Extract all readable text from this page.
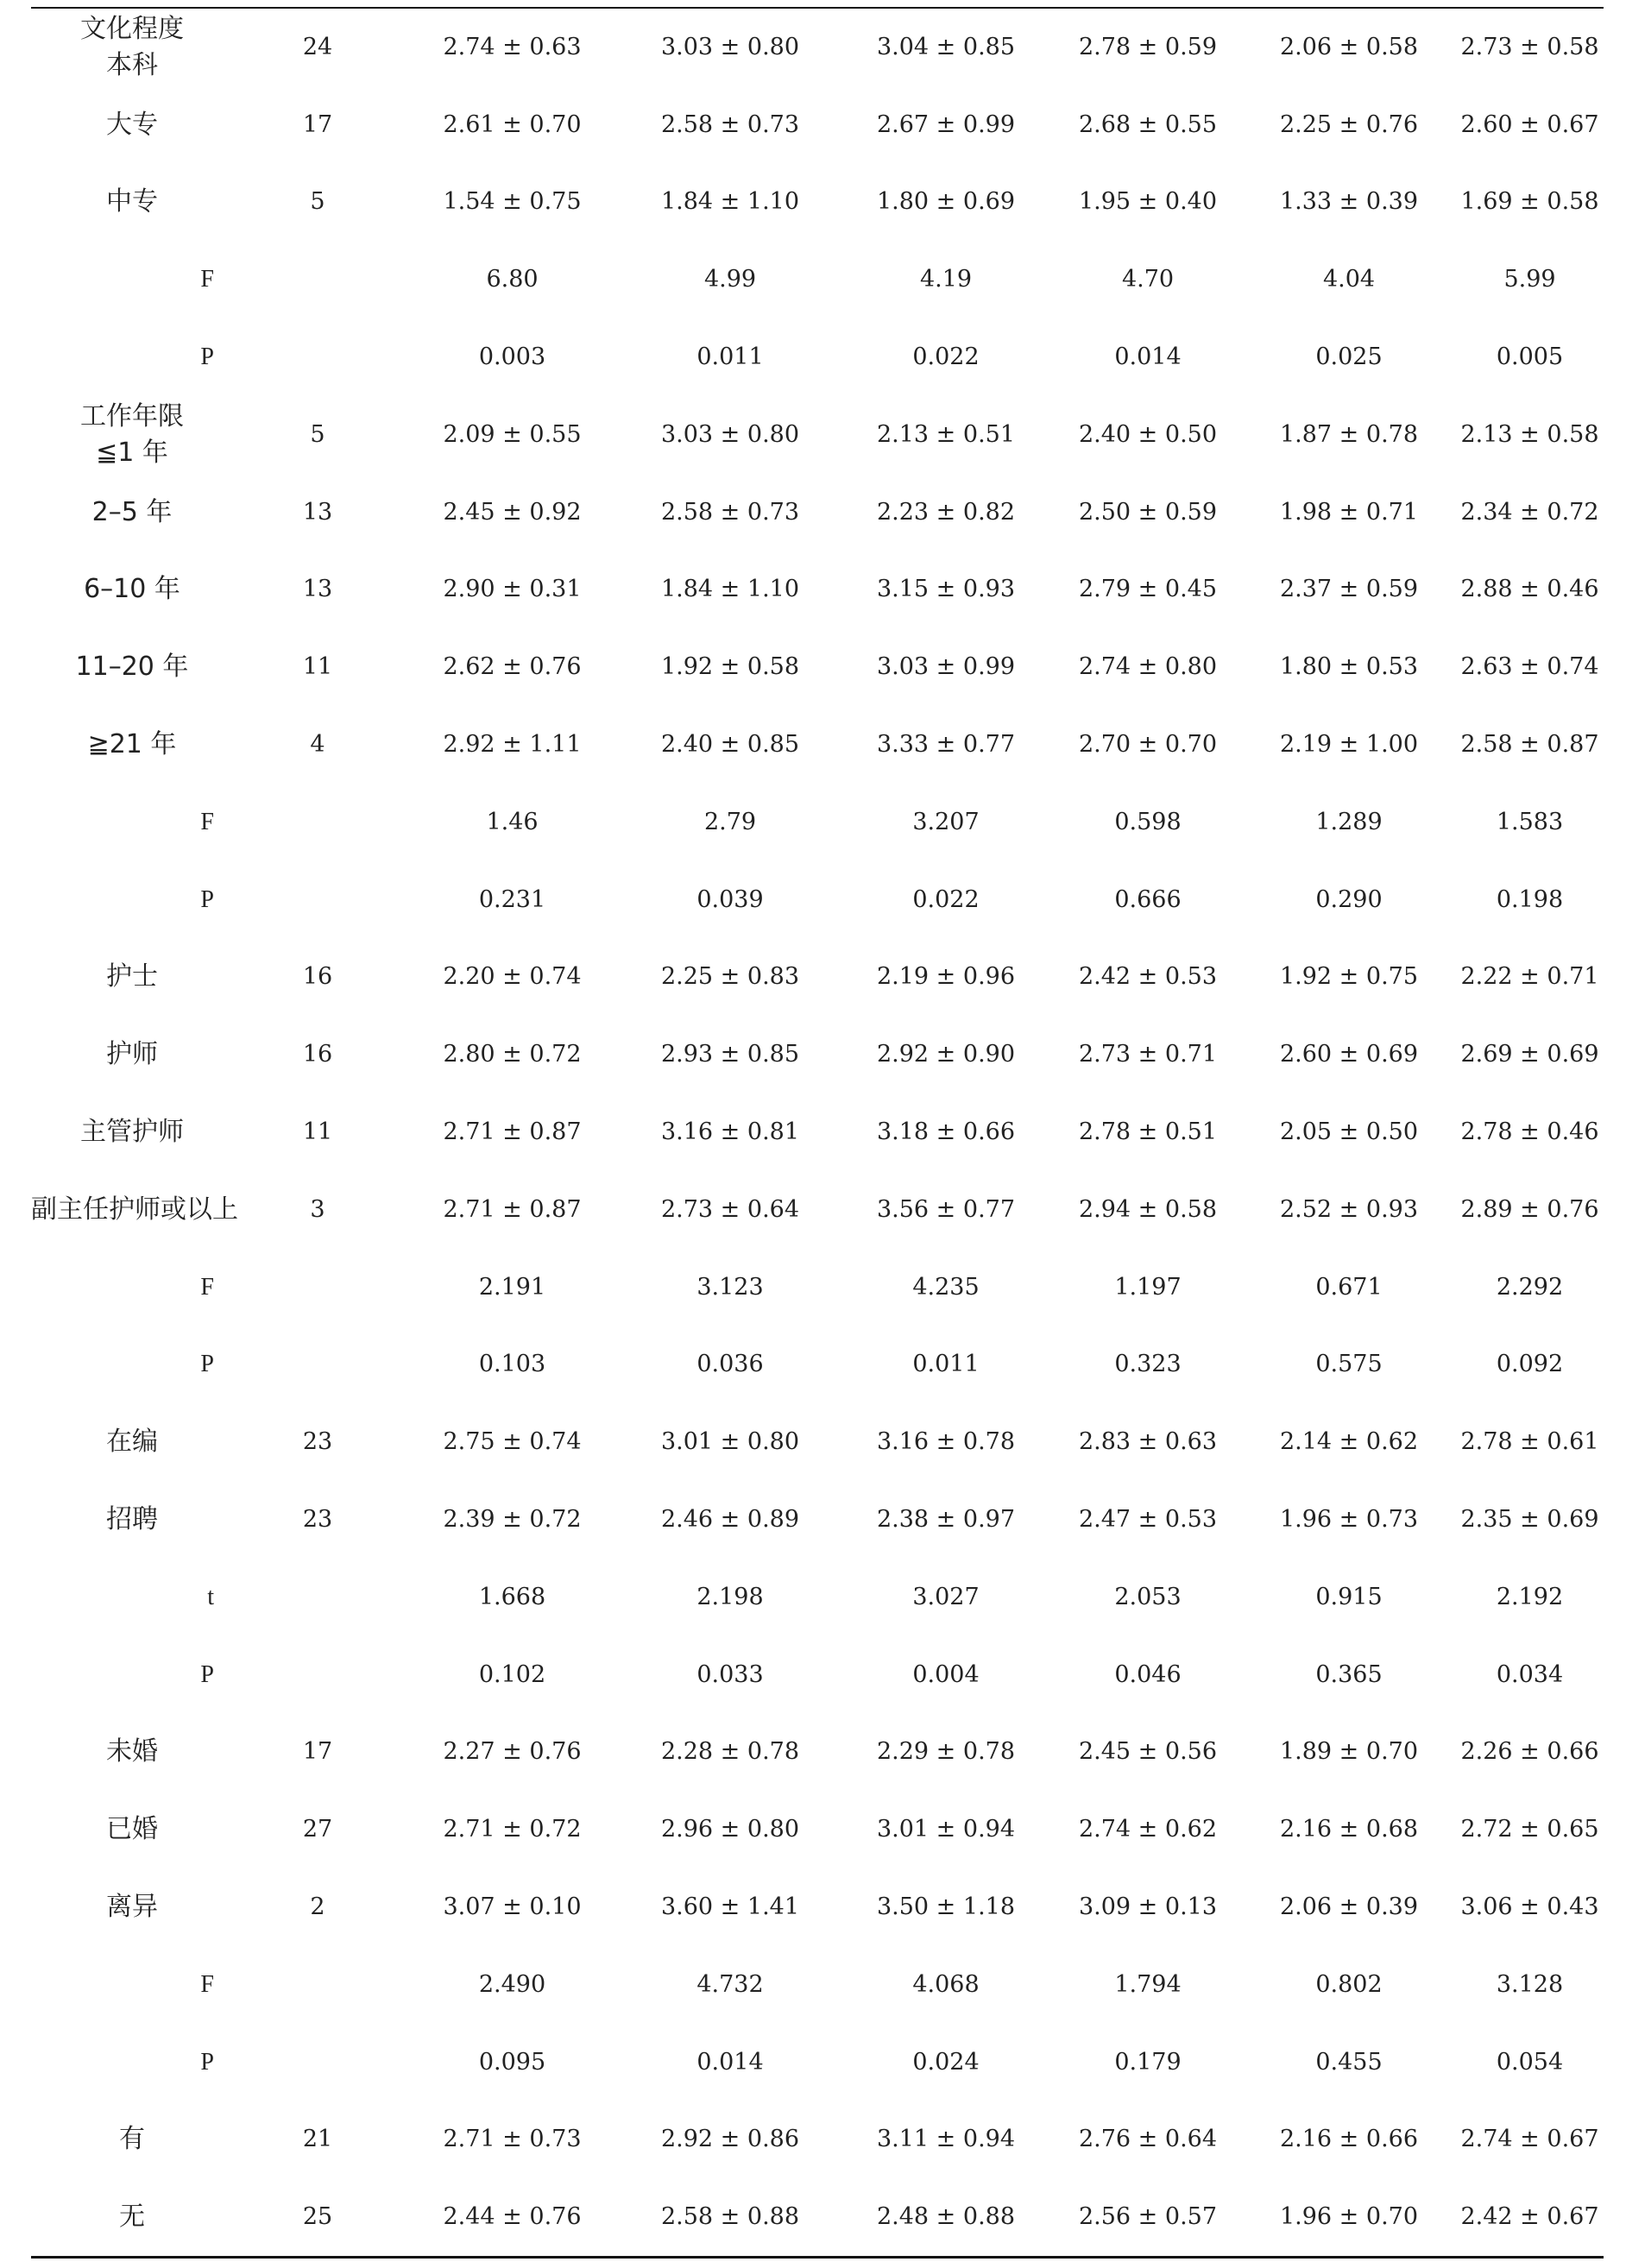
文化程度
本科	24	2.74 ± 0.63	3.03 ± 0.80	3.04 ± 0.85	2.78 ± 0.59	2.06 ± 0.58	2.73 ± 0.58
大专	17	2.61 ± 0.70	2.58 ± 0.73	2.67 ± 0.99	2.68 ± 0.55	2.25 ± 0.76	2.60 ± 0.67
中专	5	1.54 ± 0.75	1.84 ± 1.10	1.80 ± 0.69	1.95 ± 0.40	1.33 ± 0.39	1.69 ± 0.58
F		6.80	4.99	4.19	4.70	4.04	5.99
P		0.003	0.011	0.022	0.014	0.025	0.005

工作年限
≦1 年	5	2.09 ± 0.55	3.03 ± 0.80	2.13 ± 0.51	2.40 ± 0.50	1.87 ± 0.78	2.13 ± 0.58
2–5 年	13	2.45 ± 0.92	2.58 ± 0.73	2.23 ± 0.82	2.50 ± 0.59	1.98 ± 0.71	2.34 ± 0.72
6–10 年	13	2.90 ± 0.31	1.84 ± 1.10	3.15 ± 0.93	2.79 ± 0.45	2.37 ± 0.59	2.88 ± 0.46
11–20 年	11	2.62 ± 0.76	1.92 ± 0.58	3.03 ± 0.99	2.74 ± 0.80	1.80 ± 0.53	2.63 ± 0.74
≧21 年	4	2.92 ± 1.11	2.40 ± 0.85	3.33 ± 0.77	2.70 ± 0.70	2.19 ± 1.00	2.58 ± 0.87
F		1.46	2.79	3.207	0.598	1.289	1.583
P		0.231	0.039	0.022	0.666	0.290	0.198
护士	16	2.20 ± 0.74	2.25 ± 0.83	2.19 ± 0.96	2.42 ± 0.53	1.92 ± 0.75	2.22 ± 0.71
护师	16	2.80 ± 0.72	2.93 ± 0.85	2.92 ± 0.90	2.73 ± 0.71	2.60 ± 0.69	2.69 ± 0.69
主管护师	11	2.71 ± 0.87	3.16 ± 0.81	3.18 ± 0.66	2.78 ± 0.51	2.05 ± 0.50	2.78 ± 0.46
副主任护师或以上	3	2.71 ± 0.87	2.73 ± 0.64	3.56 ± 0.77	2.94 ± 0.58	2.52 ± 0.93	2.89 ± 0.76
F		2.191	3.123	4.235	1.197	0.671	2.292
P		0.103	0.036	0.011	0.323	0.575	0.092
在编	23	2.75 ± 0.74	3.01 ± 0.80	3.16 ± 0.78	2.83 ± 0.63	2.14 ± 0.62	2.78 ± 0.61
招聘	23	2.39 ± 0.72	2.46 ± 0.89	2.38 ± 0.97	2.47 ± 0.53	1.96 ± 0.73	2.35 ± 0.69
t		1.668	2.198	3.027	2.053	0.915	2.192
P		0.102	0.033	0.004	0.046	0.365	0.034
未婚	17	2.27 ± 0.76	2.28 ± 0.78	2.29 ± 0.78	2.45 ± 0.56	1.89 ± 0.70	2.26 ± 0.66
已婚	27	2.71 ± 0.72	2.96 ± 0.80	3.01 ± 0.94	2.74 ± 0.62	2.16 ± 0.68	2.72 ± 0.65
离异	2	3.07 ± 0.10	3.60 ± 1.41	3.50 ± 1.18	3.09 ± 0.13	2.06 ± 0.39	3.06 ± 0.43
F		2.490	4.732	4.068	1.794	0.802	3.128
P		0.095	0.014	0.024	0.179	0.455	0.054
有	21	2.71 ± 0.73	2.92 ± 0.86	3.11 ± 0.94	2.76 ± 0.64	2.16 ± 0.66	2.74 ± 0.67
无	25	2.44 ± 0.76	2.58 ± 0.88	2.48 ± 0.88	2.56 ± 0.57	1.96 ± 0.70	2.42 ± 0.67
